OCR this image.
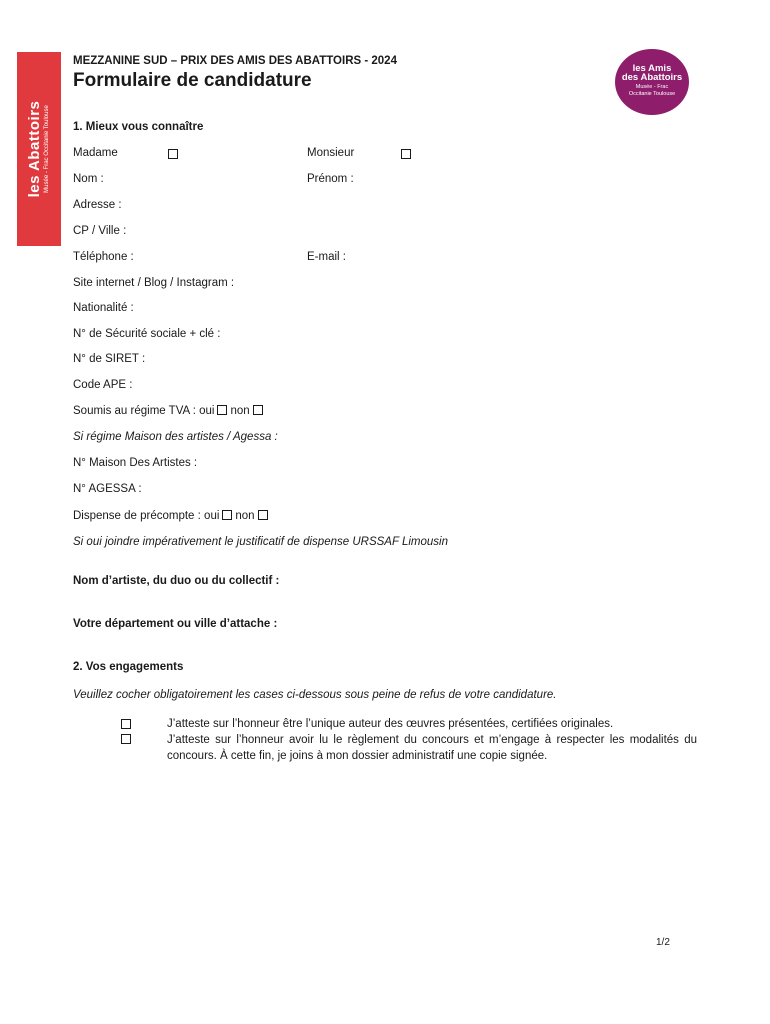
les Abattoirs Musée - Frac Occitanie Toulouse
MEZZANINE SUD – PRIX DES AMIS DES ABATTOIRS - 2024
Formulaire de candidature
les Amis
des Abattoirs
Musée - Frac
Occitanie Toulouse
1. Mieux vous connaître
Madame	Monsieur
Nom :	Prénom :
Adresse :
CP / Ville :
Téléphone :	E-mail :
Site internet / Blog / Instagram :
Nationalité :
N° de Sécurité sociale + clé :
N° de SIRET :
Code APE :
Soumis au régime TVA : oui non
Si régime Maison des artistes / Agessa :
N° Maison Des Artistes :
N° AGESSA :
Dispense de précompte : oui non
Si oui joindre impérativement le justificatif de dispense URSSAF Limousin
Nom d’artiste, du duo ou du collectif :
Votre département ou ville d’attache :
2. Vos engagements
Veuillez cocher obligatoirement les cases ci-dessous sous peine de refus de votre candidature.
J’atteste sur l’honneur être l’unique auteur des œuvres présentées, certifiées originales.
J’atteste sur l’honneur avoir lu le règlement du concours et m’engage à respecter les modalités du concours. À cette fin, je joins à mon dossier administratif une copie signée.
1/2
